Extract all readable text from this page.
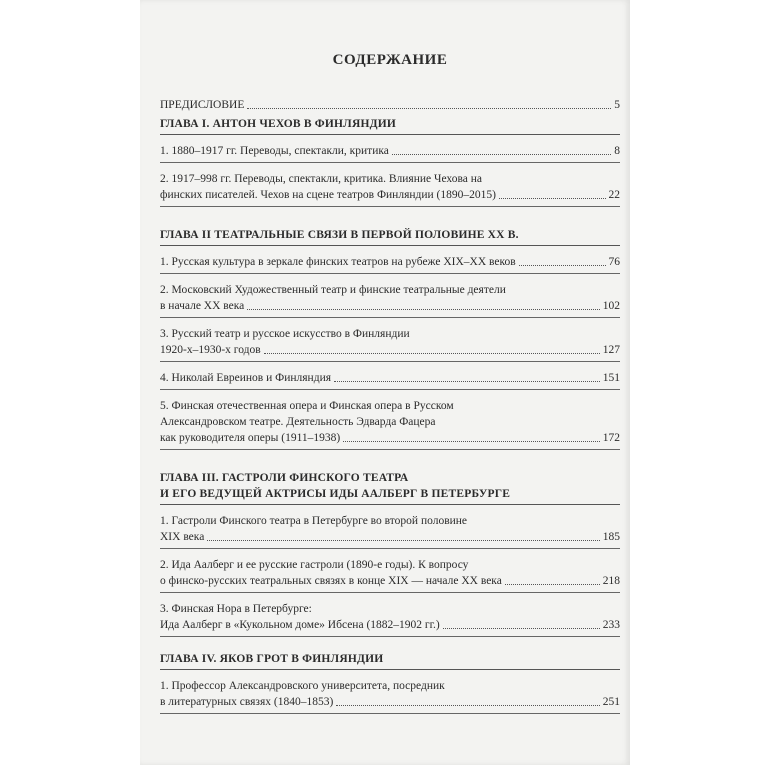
СОДЕРЖАНИЕ
ПРЕДИСЛОВИЕ	5
ГЛАВА I. АНТОН ЧЕХОВ В ФИНЛЯНДИИ
1. 1880–1917 гг. Переводы, спектакли, критика	8
2. 1917–998 гг. Переводы, спектакли, критика. Влияние Чехова на
финских писателей. Чехов на сцене театров Финляндии (1890–2015)	22
ГЛАВА II ТЕАТРАЛЬНЫЕ СВЯЗИ В ПЕРВОЙ ПОЛОВИНЕ XX В.
1. Русская культура в зеркале финских театров на рубеже XIX–XX веков	76
2. Московский Художественный театр и финские театральные деятели
в начале XX века	102
3. Русский театр и русское искусство в Финляндии
1920-х–1930-х годов	127
4. Николай Евреинов и Финляндия	151
5. Финская отечественная опера и Финская опера в Русском
Александровском театре. Деятельность Эдварда Фацера
как руководителя оперы (1911–1938)	172
ГЛАВА III. ГАСТРОЛИ ФИНСКОГО ТЕАТРА
И ЕГО ВЕДУЩЕЙ АКТРИСЫ ИДЫ ААЛБЕРГ В ПЕТЕРБУРГЕ
1. Гастроли Финского театра в Петербурге во второй половине
XIX века	185
2. Ида Аалберг и ее русские гастроли (1890-е годы). К вопросу
о финско-русских театральных связях в конце XIX — начале XX века	218
3. Финская Нора в Петербурге:
Ида Аалберг в «Кукольном доме» Ибсена (1882–1902 гг.)	233
ГЛАВА IV. ЯКОВ ГРОТ В ФИНЛЯНДИИ
1. Профессор Александровского университета, посредник
в литературных связях (1840–1853)	251
